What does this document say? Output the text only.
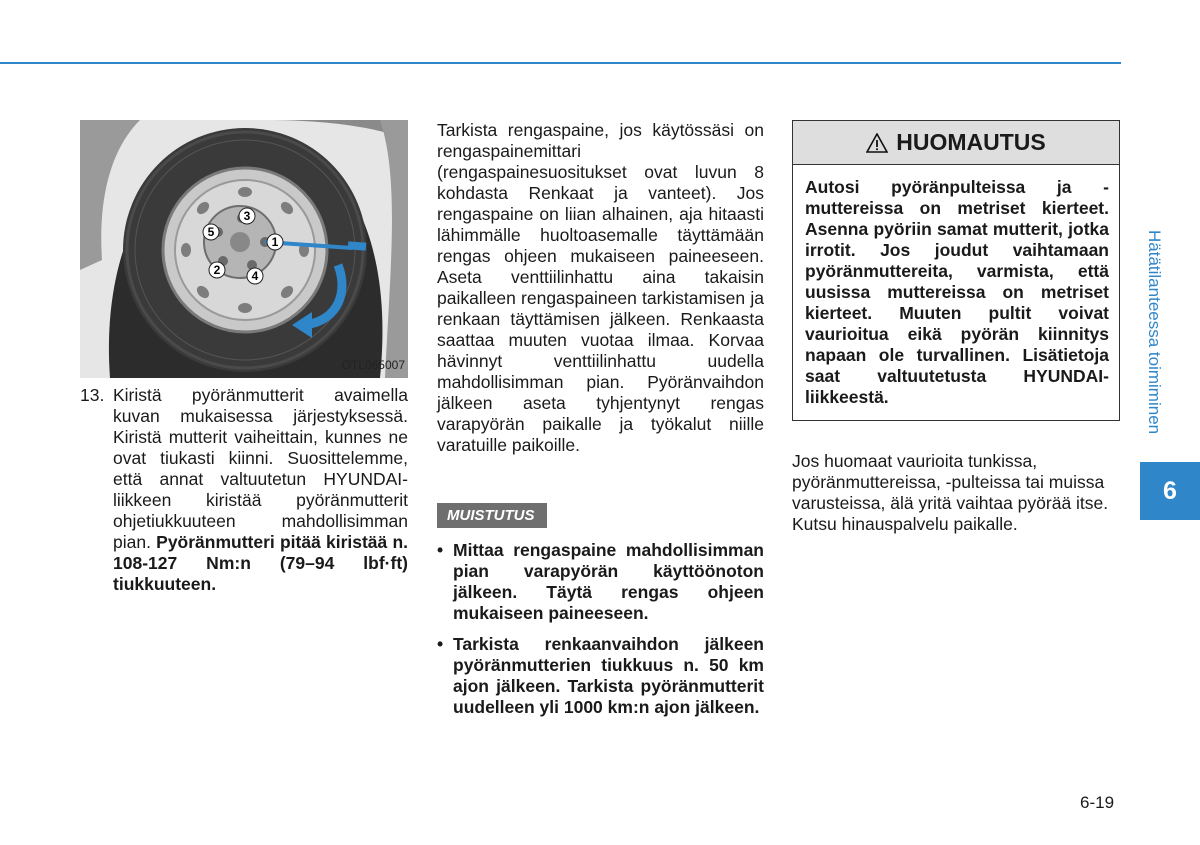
1
2
3
4
5
OTL065007
13. Kiristä pyöränmutterit avaimella kuvan mukaisessa järjestyksessä. Kiristä mutterit vaiheittain, kunnes ne ovat tiukasti kiinni. Suosittelemme, että annat valtuutetun HYUNDAI-liikkeen kiristää pyöränmutterit ohjetiukkuuteen mahdollisimman pian. Pyöränmutteri pitää kiristää n. 108-127 Nm:n (79–94 lbf·ft) tiukkuuteen.
Tarkista rengaspaine, jos käytössäsi on rengaspainemittari (rengaspainesuositukset ovat luvun 8 kohdasta Renkaat ja vanteet). Jos rengaspaine on liian alhainen, aja hitaasti lähimmälle huoltoasemalle täyttämään rengas ohjeen mukaiseen paineeseen. Aseta venttiilinhattu aina takaisin paikalleen rengaspaineen tarkistamisen ja renkaan täyttämisen jälkeen. Renkaasta saattaa muuten vuotaa ilmaa. Korvaa hävinnyt venttiilinhattu uudella mahdollisimman pian. Pyöränvaihdon jälkeen aseta tyhjentynyt rengas varapyörän paikalle ja työkalut niille varatuille paikoille.
MUISTUTUS
• Mittaa rengaspaine mahdollisimman pian varapyörän käyttöönoton jälkeen. Täytä rengas ohjeen mukaiseen paineeseen.
• Tarkista renkaanvaihdon jälkeen pyöränmutterien tiukkuus n. 50 km ajon jälkeen. Tarkista pyöränmutterit uudelleen yli 1000 km:n ajon jälkeen.
HUOMAUTUS
Autosi pyöränpulteissa ja -muttereissa on metriset kierteet. Asenna pyöriin samat mutterit, jotka irrotit. Jos joudut vaihtamaan pyöränmuttereita, varmista, että uusissa muttereissa on metriset kierteet. Muuten pultit voivat vaurioitua eikä pyörän kiinnitys napaan ole turvallinen. Lisätietoja saat valtuutetusta HYUNDAI-liikkeestä.
Jos huomaat vaurioita tunkissa, pyöränmuttereissa, -pulteissa tai muissa varusteissa, älä yritä vaihtaa pyörää itse. Kutsu hinauspalvelu paikalle.
Hätätilanteessa toimiminen
6
6-19
